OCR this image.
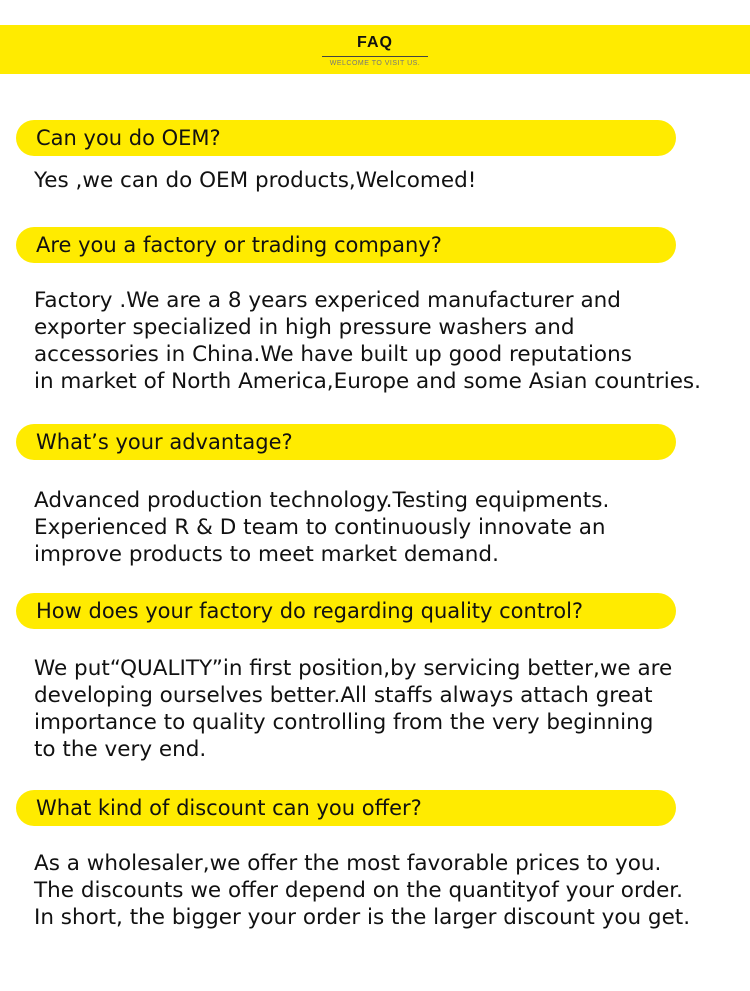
FAQ
WELCOME TO VISIT US.
Can you do OEM?
Yes ,we can do OEM products,Welcomed!
Are you a factory or trading company?
Factory .We are a 8 years expericed manufacturer and
exporter specialized in high pressure washers and
accessories in China.We have built up good reputations
in market of North America,Europe and some Asian countries.
What’s your advantage?
Advanced production technology.Testing equipments.
Experienced R & D team to continuously innovate an
improve products to meet market demand.
How does your factory do regarding quality control?
We put“QUALITY”in first position,by servicing better,we are
developing ourselves better.All staffs always attach great
importance to quality controlling from the very beginning
to the very end.
What kind of discount can you offer?
As a wholesaler,we offer the most favorable prices to you.
The discounts we offer depend on the quantityof your order.
In short, the bigger your order is the larger discount you get.
